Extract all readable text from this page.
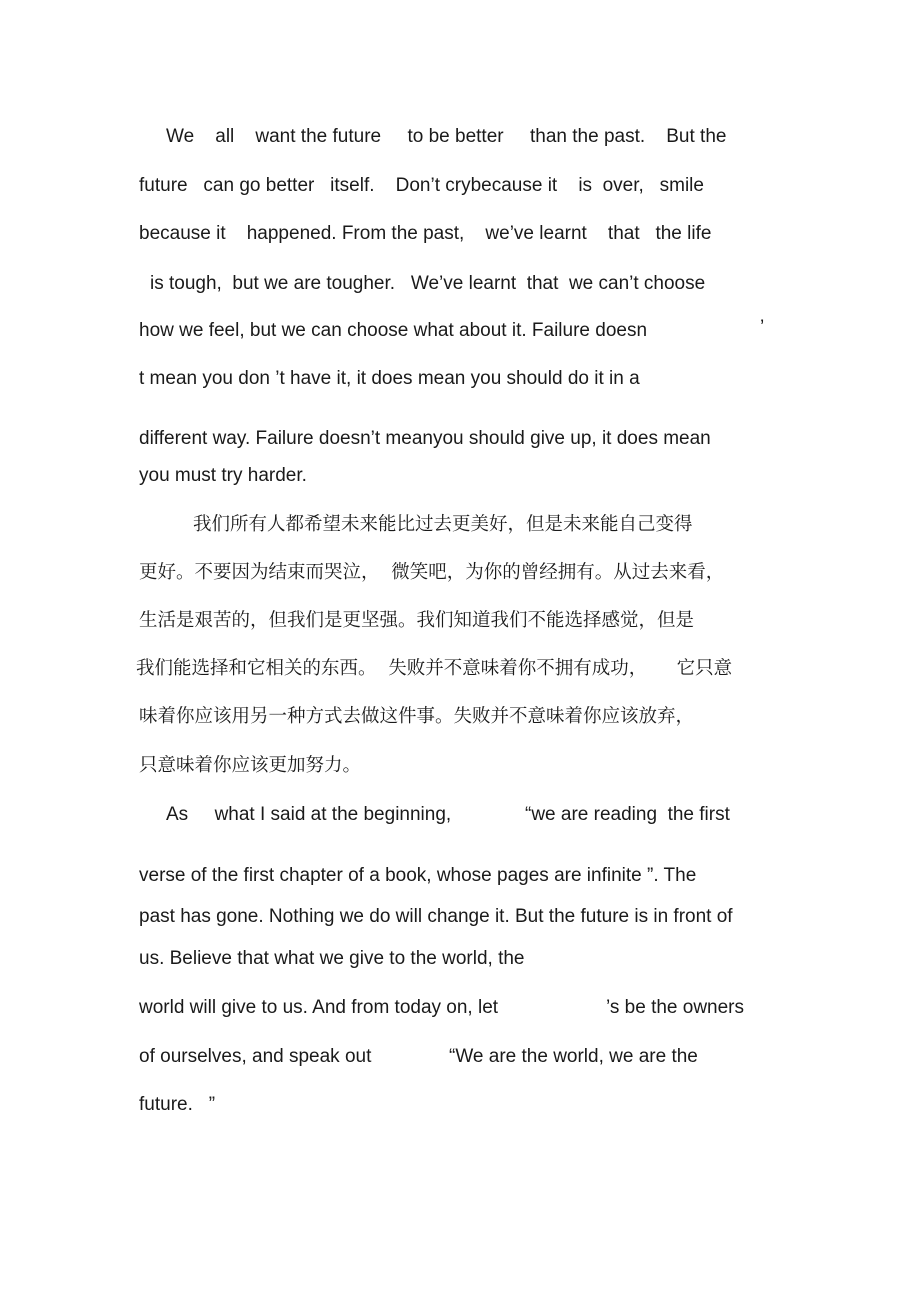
We    all    want the future     to be better     than the past.    But the

future   can go better   itself.    Don’t crybecause it    is  over,   smile

because it    happened. From the past,    we’ve learnt    that   the life

is tough,  but we are tougher.   We’ve learnt  that  we can’t choose

how we feel, but we can choose what about it. Failure doesn	’

t mean you don ’t have it, it does mean you should do it in a

different way. Failure doesn’t meanyou should give up, it does mean

you must try harder.

我们所有人都希望未来能比过去更美好，但是未来能自己变得

更好。不要因为结束而哭泣，  微笑吧，为你的曾经拥有。从过去来看，

生活是艰苦的，但我们是更坚强。我们知道我们不能选择感觉，但是

我们能选择和它相关的东西。  失败并不意味着你不拥有成功，     它只意

味着你应该用另一种方式去做这件事。失败并不意味着你应该放弃，

只意味着你应该更加努力。

As     what I said at the beginning,	“we are reading  the first

verse of the first chapter of a book, whose pages are infinite ”. The

past has gone. Nothing we do will change it. But the future is in front of

us. Believe that what we give to the world, the

world will give to us. And from today on, let	’s be the owners

of ourselves, and speak out	“We are the world, we are the

future.   ”
